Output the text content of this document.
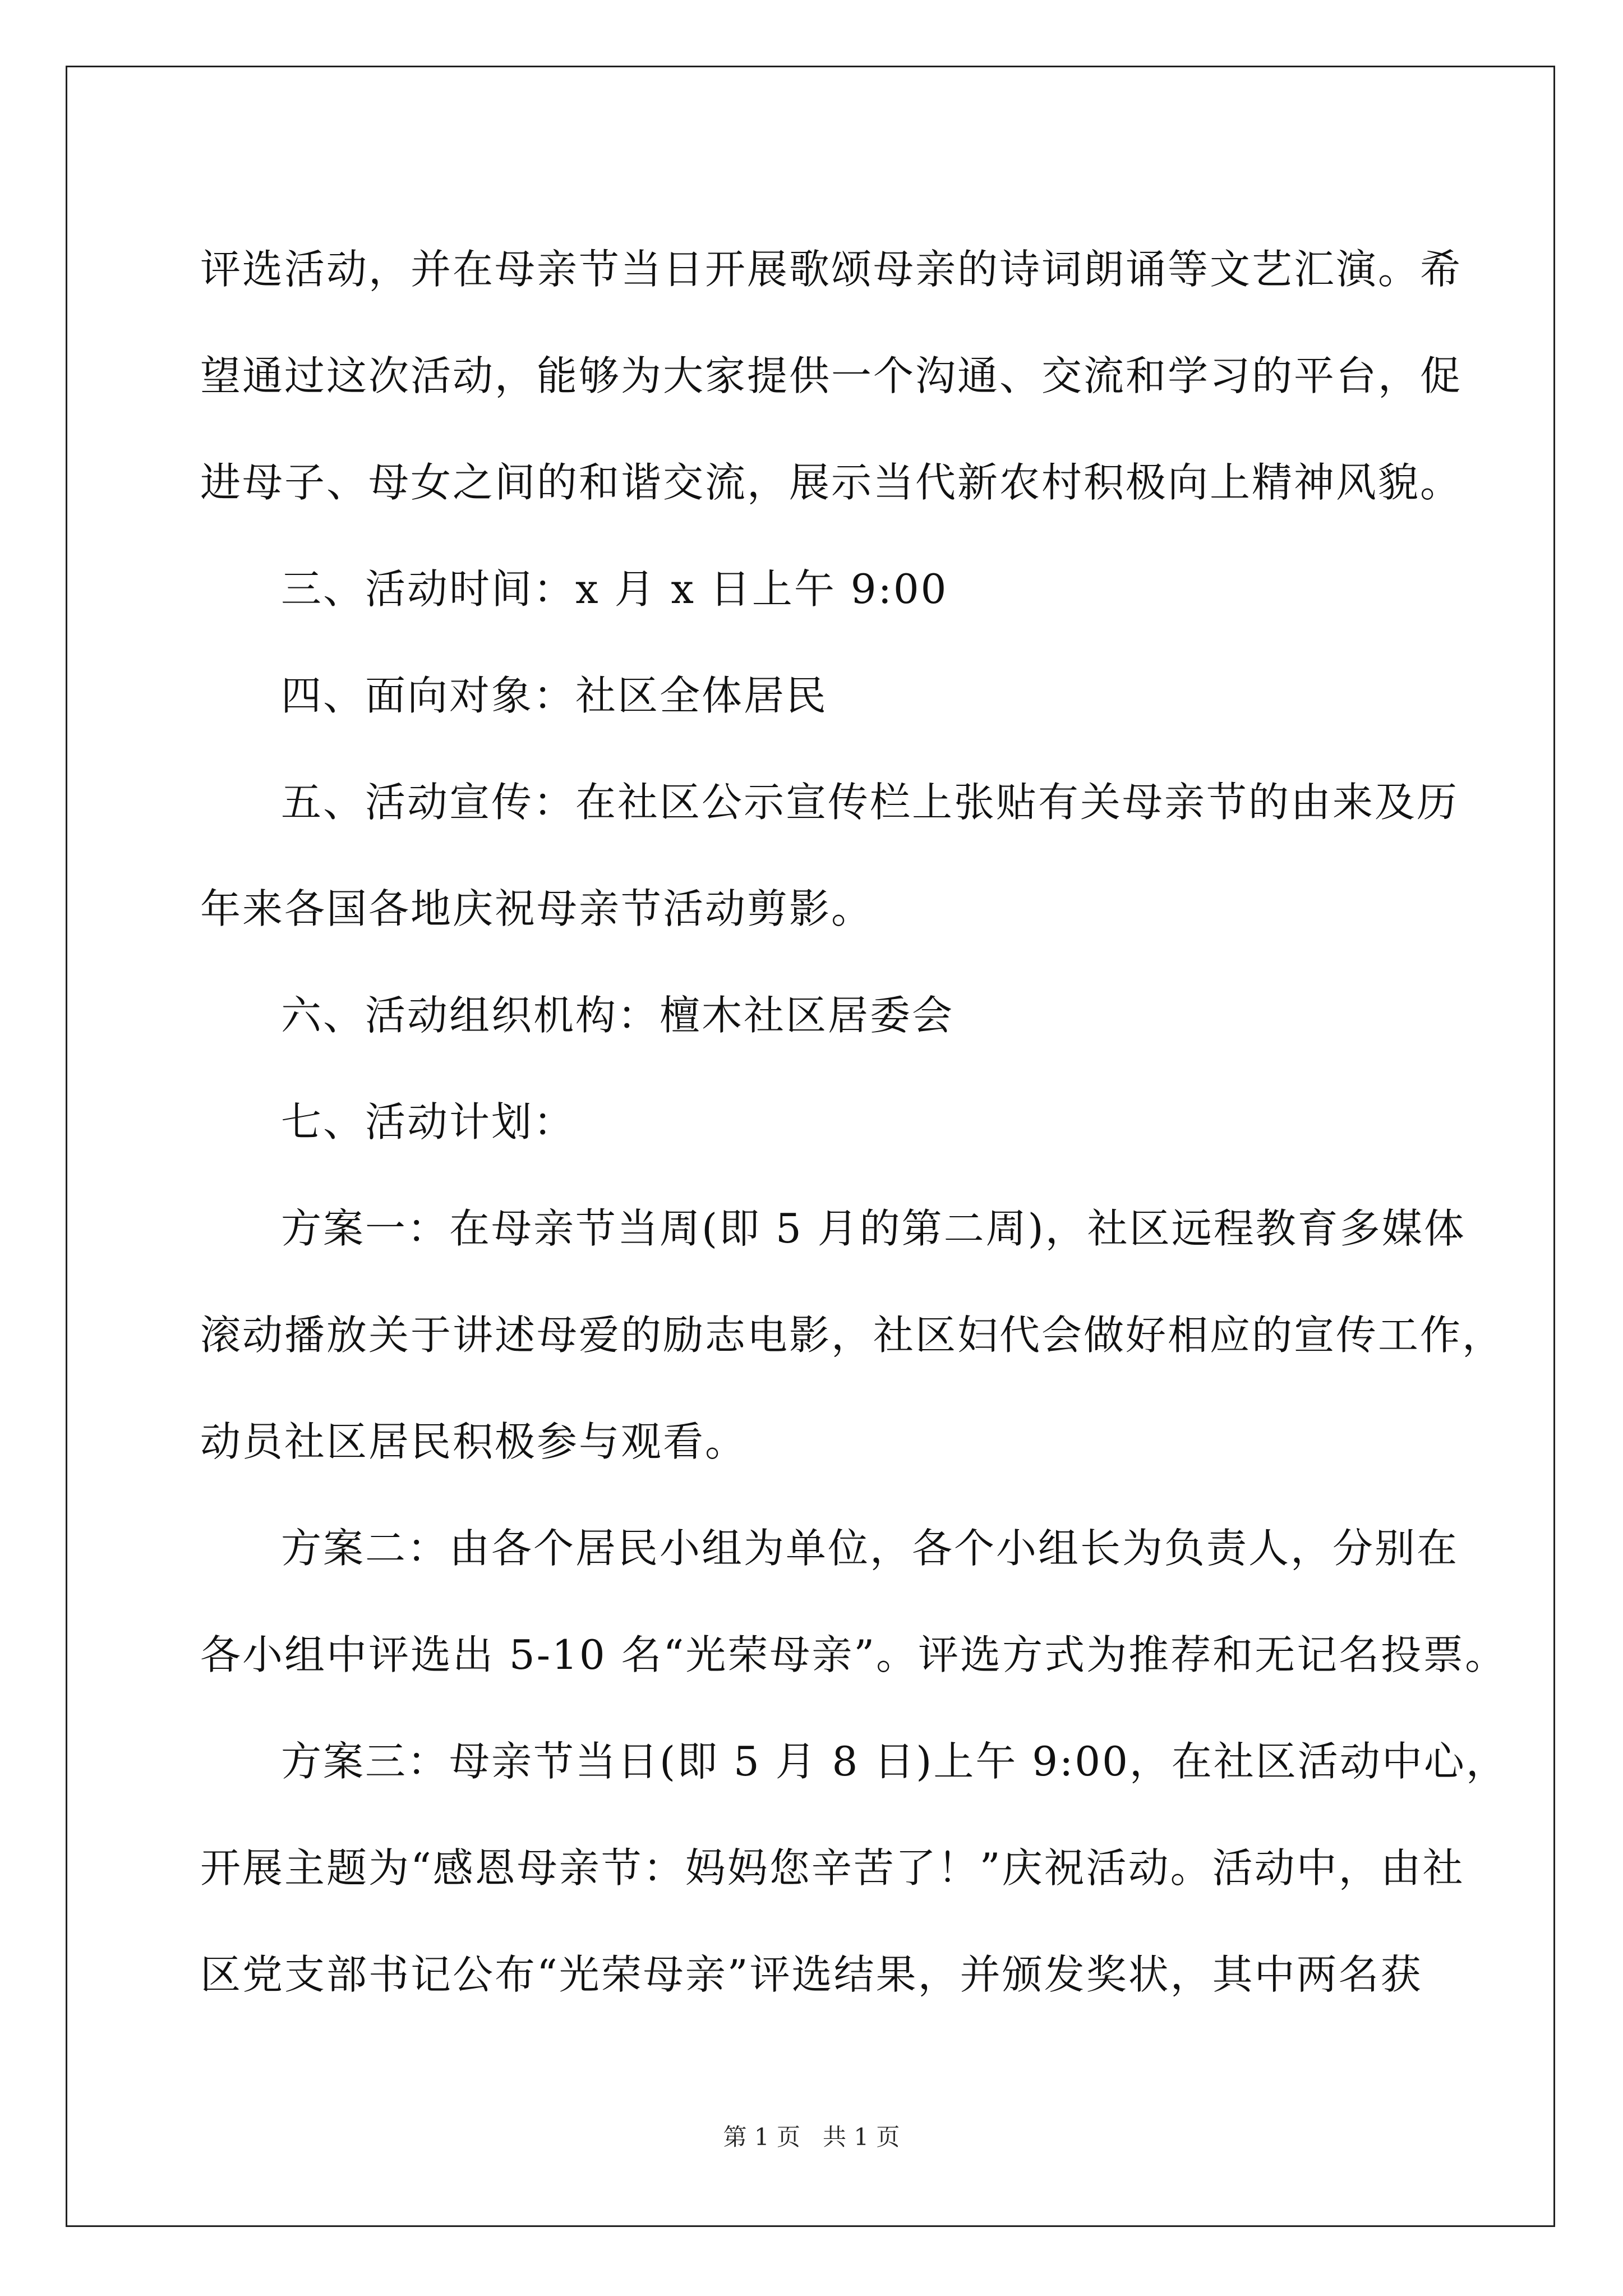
评选活动，并在母亲节当日开展歌颂母亲的诗词朗诵等文艺汇演。希
望通过这次活动，能够为大家提供一个沟通、交流和学习的平台，促
进母子、母女之间的和谐交流，展示当代新农村积极向上精神风貌。
三、活动时间：x 月 x 日上午 9:00
四、面向对象：社区全体居民
五、活动宣传：在社区公示宣传栏上张贴有关母亲节的由来及历
年来各国各地庆祝母亲节活动剪影。
六、活动组织机构：檀木社区居委会
七、活动计划：
方案一：在母亲节当周(即 5 月的第二周)，社区远程教育多媒体
滚动播放关于讲述母爱的励志电影，社区妇代会做好相应的宣传工作，
动员社区居民积极参与观看。
方案二：由各个居民小组为单位，各个小组长为负责人，分别在
各小组中评选出 5-10 名“光荣母亲”。评选方式为推荐和无记名投票。
方案三：母亲节当日(即 5 月 8 日)上午 9:00，在社区活动中心，
开展主题为“感恩母亲节：妈妈您辛苦了！”庆祝活动。活动中，由社
区党支部书记公布“光荣母亲”评选结果，并颁发奖状，其中两名获
第 1 页 共 1 页
